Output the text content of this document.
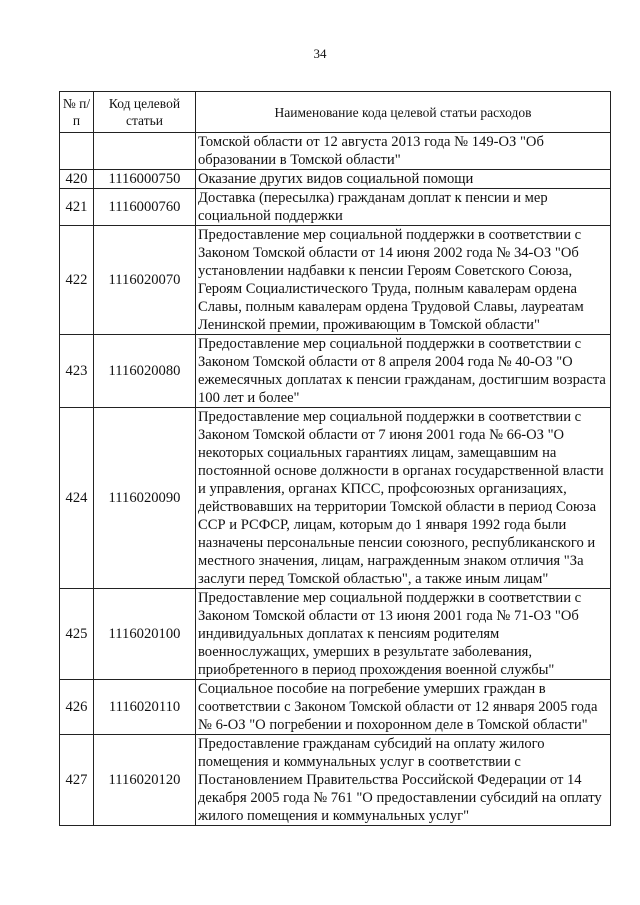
34
№ п/п	Код целевой статьи	Наименование кода целевой статьи расходов
		Томской области от 12 августа 2013 года № 149-ОЗ "Об образовании в Томской области"
420	1116000750	Оказание других видов социальной помощи
421	1116000760	Доставка (пересылка) гражданам доплат к пенсии и мер социальной поддержки
422	1116020070	Предоставление мер социальной поддержки в соответствии с Законом Томской области от 14 июня 2002 года № 34-ОЗ "Об установлении надбавки к пенсии Героям Советского Союза, Героям Социалистического Труда, полным кавалерам ордена Славы, полным кавалерам ордена Трудовой Славы, лауреатам Ленинской премии, проживающим в Томской области"
423	1116020080	Предоставление мер социальной поддержки в соответствии с Законом Томской области от 8 апреля 2004 года № 40-ОЗ "О ежемесячных доплатах к пенсии гражданам, достигшим возраста 100 лет и более"
424	1116020090	Предоставление мер социальной поддержки в соответствии с Законом Томской области от 7 июня 2001 года № 66-ОЗ "О некоторых социальных гарантиях лицам, замещавшим на постоянной основе должности в органах государственной власти и управления, органах КПСС, профсоюзных организациях, действовавших на территории Томской области в период Союза ССР и РСФСР, лицам, которым до 1 января 1992 года были назначены персональные пенсии союзного, республиканского и местного значения, лицам, награжденным знаком отличия "За заслуги перед Томской областью", а также иным лицам"
425	1116020100	Предоставление мер социальной поддержки в соответствии с Законом Томской области от 13 июня 2001 года № 71-ОЗ "Об индивидуальных доплатах к пенсиям родителям военнослужащих, умерших в результате заболевания, приобретенного в период прохождения военной службы"
426	1116020110	Социальное пособие на погребение умерших граждан в соответствии с Законом Томской области от 12 января 2005 года № 6-ОЗ "О погребении и похоронном деле в Томской области"
427	1116020120	Предоставление гражданам субсидий на оплату жилого помещения и коммунальных услуг в соответствии с Постановлением Правительства Российской Федерации от 14 декабря 2005 года № 761 "О предоставлении субсидий на оплату жилого помещения и коммунальных услуг"
